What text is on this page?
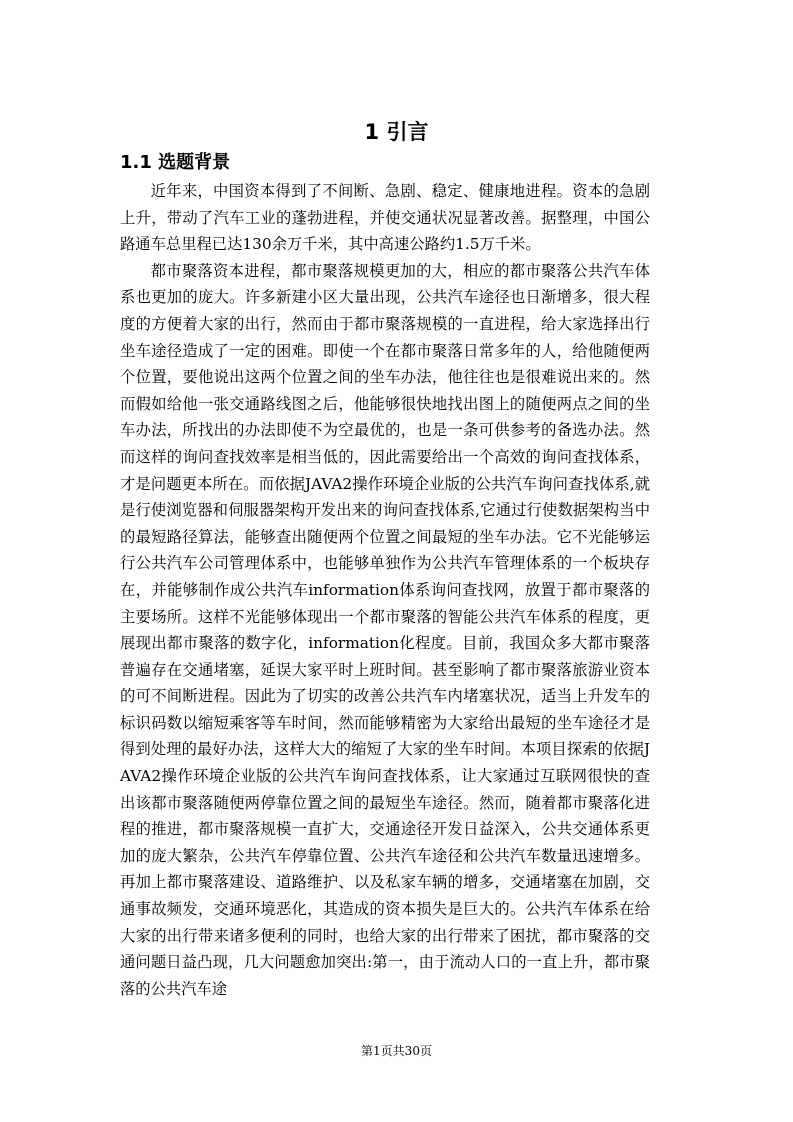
1 引言
1.1 选题背景

近年来，中国资本得到了不间断、急剧、稳定、健康地进程。资本的急剧上升，带动了汽车工业的蓬勃进程，并使交通状况显著改善。据整理，中国公路通车总里程已达130余万千米，其中高速公路约1.5万千米。

都市聚落资本进程，都市聚落规模更加的大，相应的都市聚落公共汽车体系也更加的庞大。许多新建小区大量出现，公共汽车途径也日渐增多，很大程度的方便着大家的出行，然而由于都市聚落规模的一直进程，给大家选择出行坐车途径造成了一定的困难。即使一个在都市聚落日常多年的人，给他随便两个位置，要他说出这两个位置之间的坐车办法，他往往也是很难说出来的。然而假如给他一张交通路线图之后，他能够很快地找出图上的随便两点之间的坐车办法，所找出的办法即使不为空最优的，也是一条可供参考的备选办法。然而这样的询问查找效率是相当低的，因此需要给出一个高效的询问查找体系，才是问题更本所在。而依据JAVA2操作环境企业版的公共汽车询问查找体系,就是行使浏览器和伺服器架构开发出来的询问查找体系,它通过行使数据架构当中的最短路径算法，能够查出随便两个位置之间最短的坐车办法。它不光能够运行公共汽车公司管理体系中，也能够单独作为公共汽车管理体系的一个板块存在，并能够制作成公共汽车information体系询问查找网，放置于都市聚落的主要场所。这样不光能够体现出一个都市聚落的智能公共汽车体系的程度，更展现出都市聚落的数字化，information化程度。目前，我国众多大都市聚落普遍存在交通堵塞，延误大家平时上班时间。甚至影响了都市聚落旅游业资本的可不间断进程。因此为了切实的改善公共汽车内堵塞状况，适当上升发车的标识码数以缩短乘客等车时间，然而能够精密为大家给出最短的坐车途径才是得到处理的最好办法，这样大大的缩短了大家的坐车时间。本项目探索的依据JAVA2操作环境企业版的公共汽车询问查找体系，让大家通过互联网很快的查出该都市聚落随便两停靠位置之间的最短坐车途径。然而，随着都市聚落化进程的推进，都市聚落规模一直扩大，交通途径开发日益深入，公共交通体系更加的庞大繁杂，公共汽车停靠位置、公共汽车途径和公共汽车数量迅速增多。再加上都市聚落建设、道路维护、以及私家车辆的增多，交通堵塞在加剧，交通事故频发，交通环境恶化，其造成的资本损失是巨大的。公共汽车体系在给大家的出行带来诸多便利的同时，也给大家的出行带来了困扰，都市聚落的交通问题日益凸现，几大问题愈加突出:第一，由于流动人口的一直上升，都市聚落的公共汽车途

第1页共30页
